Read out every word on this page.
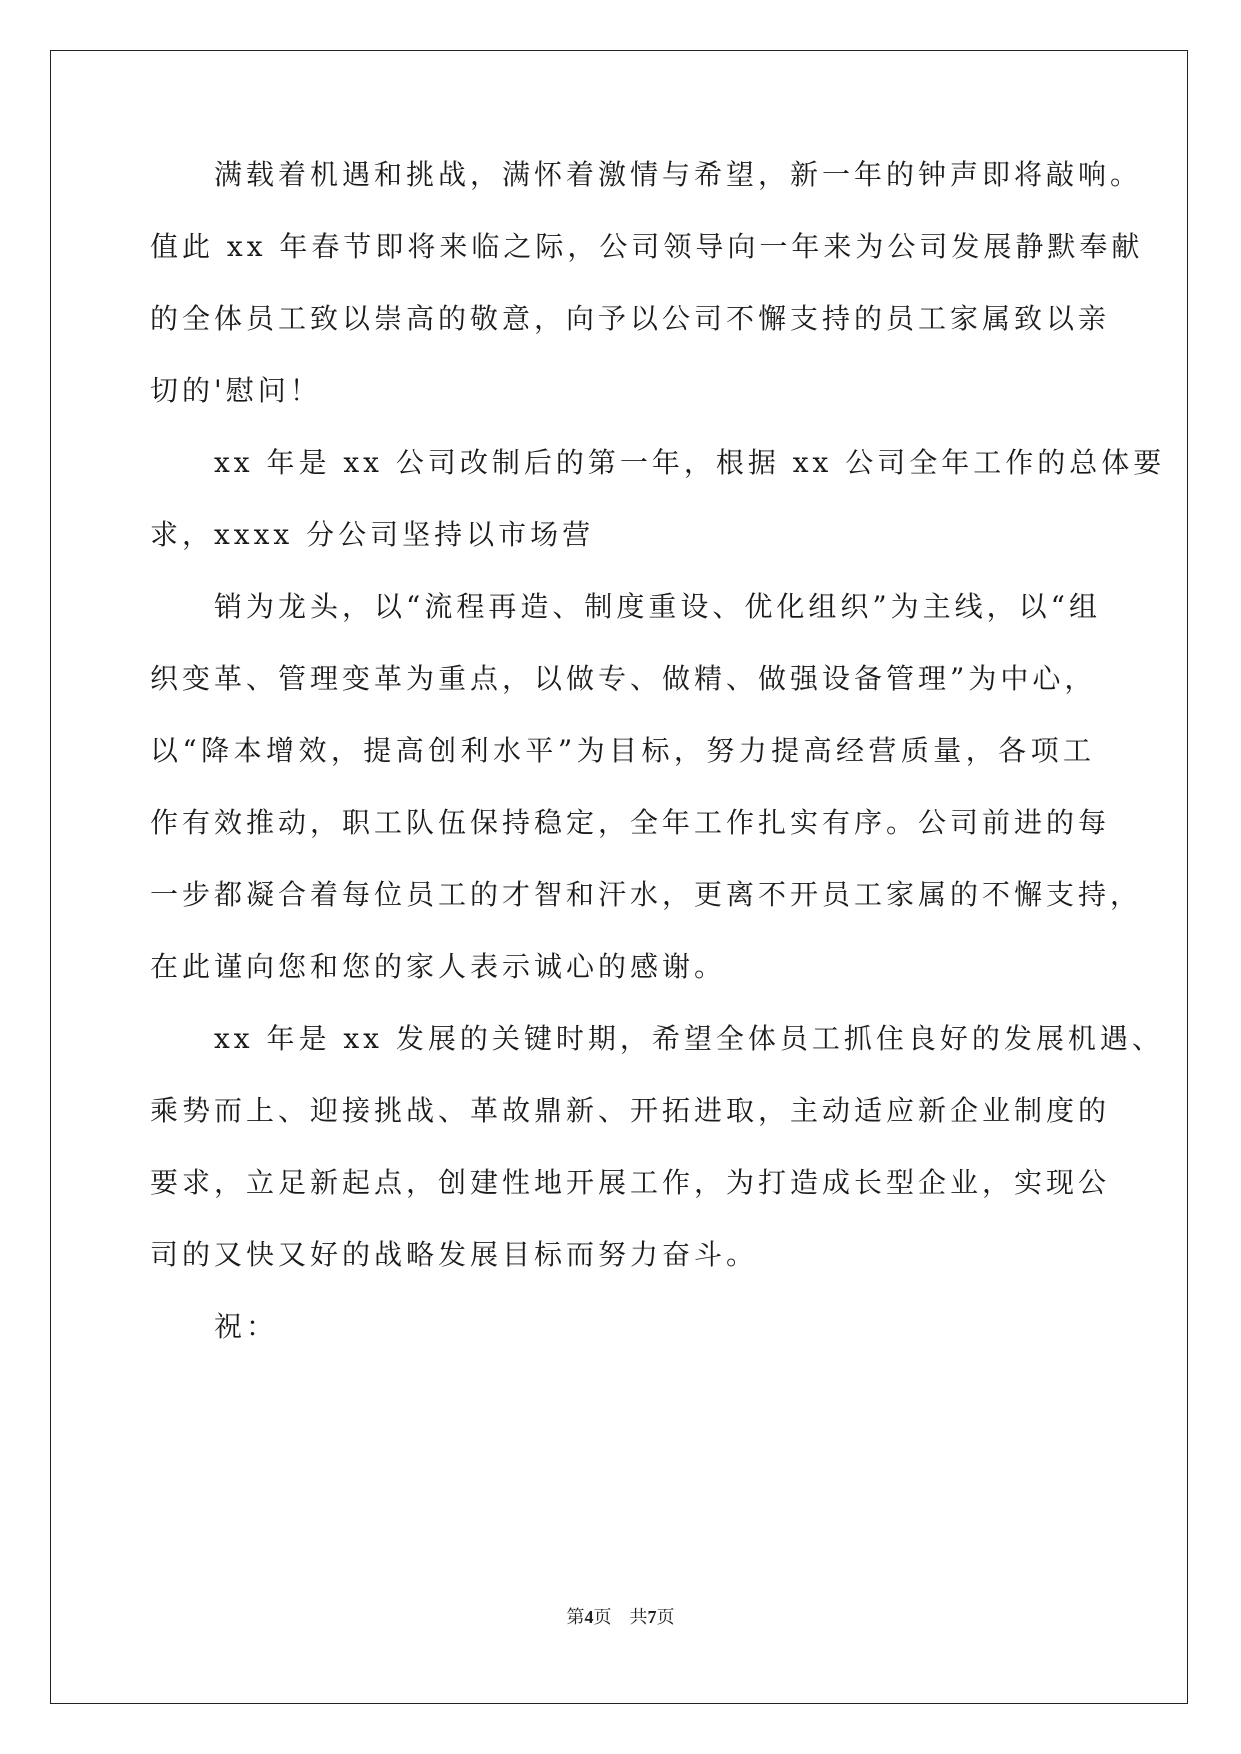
满载着机遇和挑战，满怀着激情与希望，新一年的钟声即将敲响。
值此 xx 年春节即将来临之际，公司领导向一年来为公司发展静默奉献
的全体员工致以崇高的敬意，向予以公司不懈支持的员工家属致以亲
切的'慰问！
xx 年是 xx 公司改制后的第一年，根据 xx 公司全年工作的总体要
求，xxxx 分公司坚持以市场营
销为龙头，以“流程再造、制度重设、优化组织”为主线，以“组
织变革、管理变革为重点，以做专、做精、做强设备管理”为中心，
以“降本增效，提高创利水平”为目标，努力提高经营质量，各项工
作有效推动，职工队伍保持稳定，全年工作扎实有序。公司前进的每
一步都凝合着每位员工的才智和汗水，更离不开员工家属的不懈支持，
在此谨向您和您的家人表示诚心的感谢。
xx 年是 xx 发展的关键时期，希望全体员工抓住良好的发展机遇、
乘势而上、迎接挑战、革故鼎新、开拓进取，主动适应新企业制度的
要求，立足新起点，创建性地开展工作，为打造成长型企业，实现公
司的又快又好的战略发展目标而努力奋斗。
祝：
第4页　共7页
